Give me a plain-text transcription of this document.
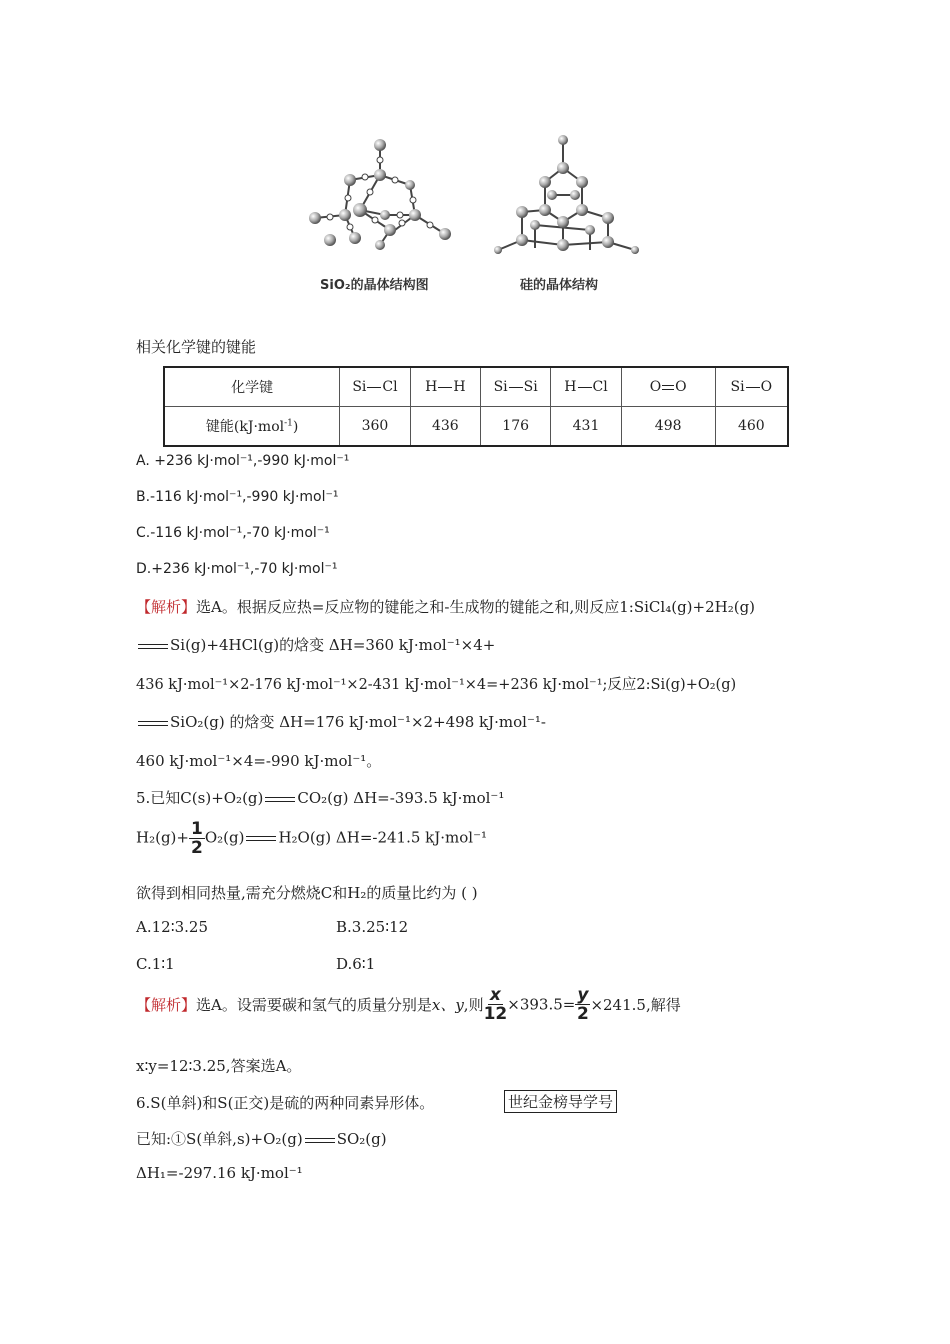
SiO₂的晶体结构图	硅的晶体结构
相关化学键的键能
化学键	Si Cl	H H	Si Si	H Cl	O O	Si O
键能(kJ·mol$^{-1}$)	360	436	176	431	498	460
A. +236 kJ·mol⁻¹,-990 kJ·mol⁻¹
B.-116 kJ·mol⁻¹,-990 kJ·mol⁻¹
C.-116 kJ·mol⁻¹,-70 kJ·mol⁻¹
D.+236 kJ·mol⁻¹,-70 kJ·mol⁻¹
【解析】选A。根据反应热=反应物的键能之和-生成物的键能之和,则反应1:SiCl₄(g)+2H₂(g)
Si(g)+4HCl(g)的焓变 ΔH=360 kJ·mol⁻¹×4+
436 kJ·mol⁻¹×2-176 kJ·mol⁻¹×2-431 kJ·mol⁻¹×4=+236 kJ·mol⁻¹;反应2:Si(g)+O₂(g)
SiO₂(g) 的焓变 ΔH=176 kJ·mol⁻¹×2+498 kJ·mol⁻¹-
460 kJ·mol⁻¹×4=-990 kJ·mol⁻¹。
5.已知C(s)+O₂(g) CO₂(g) ΔH=-393.5 kJ·mol⁻¹
$H_2(g)+ \frac{1}{2} O_2(g)$ H₂O(g) ΔH=-241.5 kJ·mol⁻¹
欲得到相同热量,需充分燃烧C和H₂的质量比约为 ( )
A.12∶3.25	B.3.25∶12
C.1∶1	D.6∶1
【解析】选A。设需要碳和氢气的质量分别是x、y,则 $\frac{x}{12} \times 393.5= \frac{y}{2} \times 241.5$,解得
x∶y=12∶3.25,答案选A。
6.S(单斜)和S(正交)是硫的两种同素异形体。	世纪金榜导学号
已知:①S(单斜,s)+O₂(g) SO₂(g)
ΔH₁=-297.16 kJ·mol⁻¹
